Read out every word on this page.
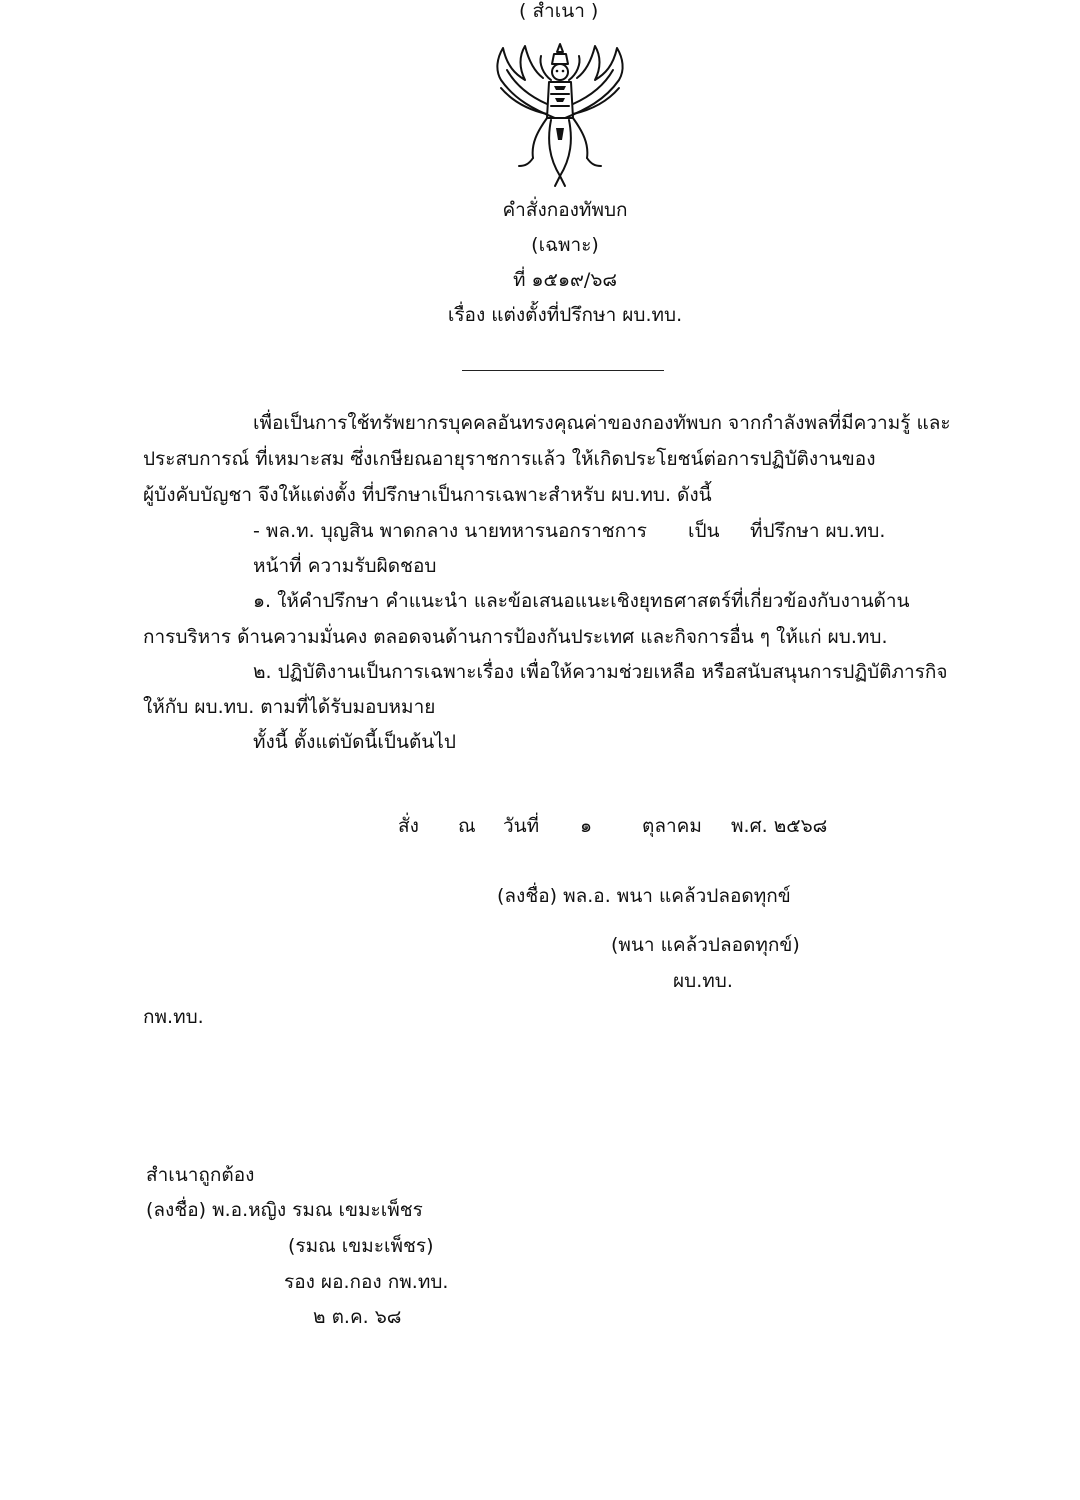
( สำเนา )
คำสั่งกองทัพบก
(เฉพาะ)
ที่ ๑๕๑๙/๖๘
เรื่อง แต่งตั้งที่ปรึกษา ผบ.ทบ.
เพื่อเป็นการใช้ทรัพยากรบุคคลอันทรงคุณค่าของกองทัพบก จากกำลังพลที่มีความรู้ และ
ประสบการณ์ ที่เหมาะสม ซึ่งเกษียณอายุราชการแล้ว ให้เกิดประโยชน์ต่อการปฏิบัติงานของ
ผู้บังคับบัญชา จึงให้แต่งตั้ง ที่ปรึกษาเป็นการเฉพาะสำหรับ ผบ.ทบ. ดังนี้
- พล.ท. บุญสิน พาดกลาง นายทหารนอกราชการ เป็น ที่ปรึกษา ผบ.ทบ.
หน้าที่ ความรับผิดชอบ
๑. ให้คำปรึกษา คำแนะนำ และข้อเสนอแนะเชิงยุทธศาสตร์ที่เกี่ยวข้องกับงานด้าน
การบริหาร ด้านความมั่นคง ตลอดจนด้านการป้องกันประเทศ และกิจการอื่น ๆ ให้แก่ ผบ.ทบ.
๒. ปฏิบัติงานเป็นการเฉพาะเรื่อง เพื่อให้ความช่วยเหลือ หรือสนับสนุนการปฏิบัติภารกิจ
ให้กับ ผบ.ทบ. ตามที่ได้รับมอบหมาย
ทั้งนี้ ตั้งแต่บัดนี้เป็นต้นไป
สั่ง ณ วันที่ ๑	ตุลาคม พ.ศ. ๒๕๖๘
(ลงชื่อ) พล.อ. พนา แคล้วปลอดทุกข์
(พนา แคล้วปลอดทุกข์)
ผบ.ทบ.
กพ.ทบ.
สำเนาถูกต้อง
(ลงชื่อ) พ.อ.หญิง รมณ เขมะเพ็ชร
(รมณ เขมะเพ็ชร)
รอง ผอ.กอง กพ.ทบ.
๒ ต.ค. ๖๘
